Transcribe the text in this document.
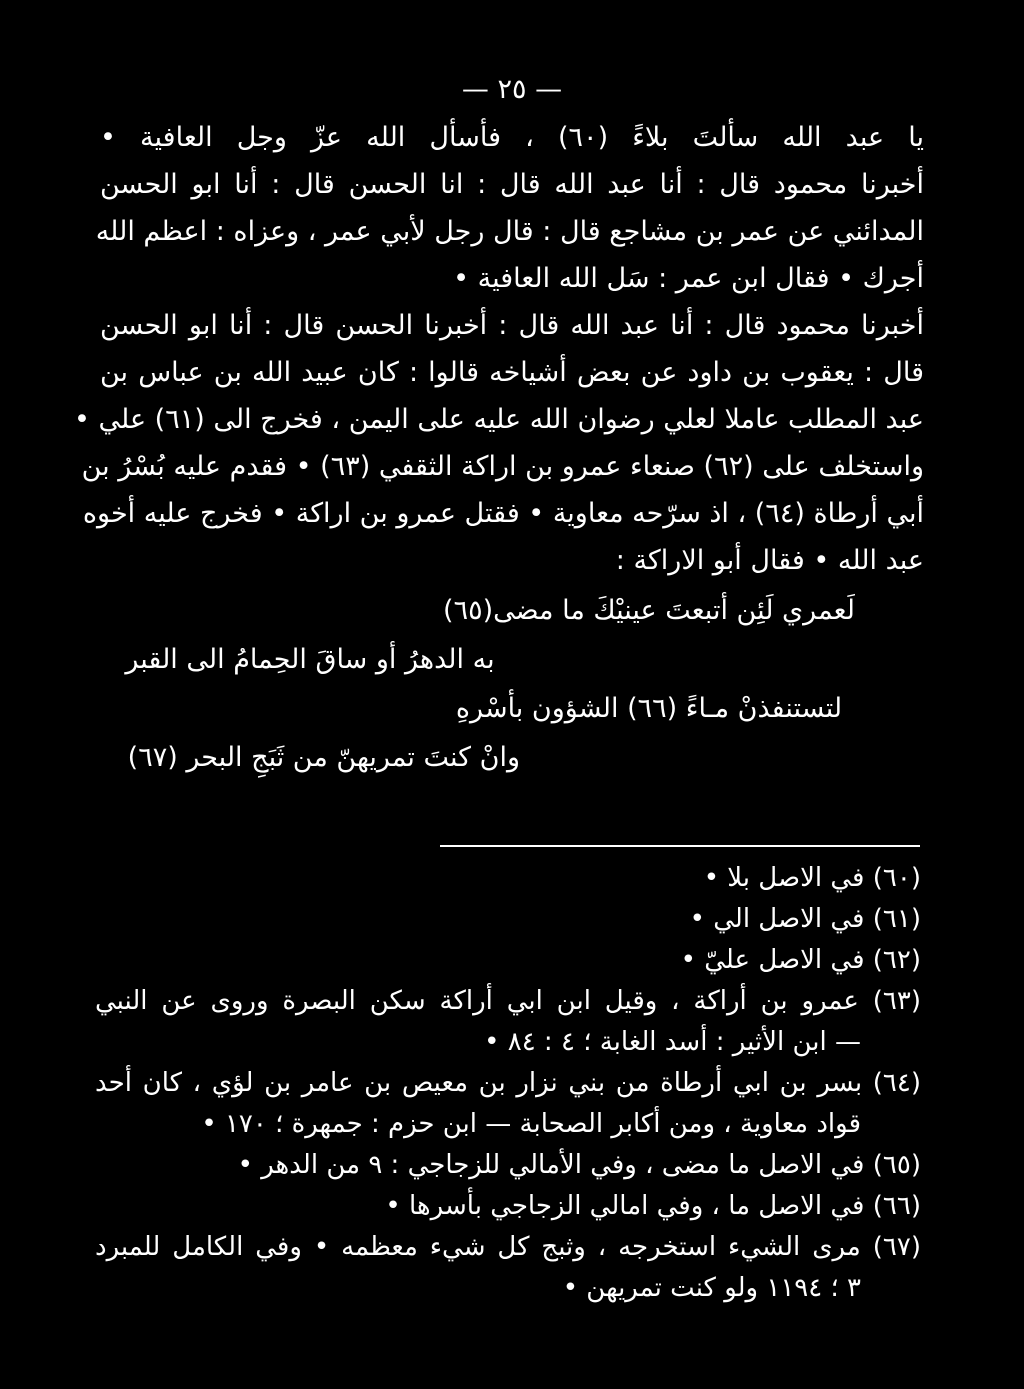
— ٢٥ —
يا عبد الله سألتَ بلاءً (٦٠) ، فأسأل الله عزّ وجل العافية •
أخبرنا محمود قال : أنا عبد الله قال : انا الحسن قال : أنا ابو الحسن
المدائني عن عمر بن مشاجع قال : قال رجل لأبي عمر ، وعزاه : اعظم الله
أجرك • فقال ابن عمر : سَل الله العافية •
أخبرنا محمود قال : أنا عبد الله قال : أخبرنا الحسن قال : أنا ابو الحسن
قال : يعقوب بن داود عن بعض أشياخه قالوا : كان عبيد الله بن عباس بن
عبد المطلب عاملا لعلي رضوان الله عليه على اليمن ، فخرج الى (٦١) علي •
واستخلف على (٦٢) صنعاء عمرو بن اراكة الثقفي (٦٣) • فقدم عليه بُسْرُ بن
أبي أرطاة (٦٤) ، اذ سرّحه معاوية • فقتل عمرو بن اراكة • فخرج عليه أخوه
عبد الله • فقال أبو الاراكة :
لَعمري لَئِن أتبعتَ عينيْكَ ما مضى(٦٥)
به الدهرُ أو ساقَ الحِمامُ الى القبر
لتستنفذنْ مـاءً (٦٦) الشؤون بأسْرهِ
وانْ كنتَ تمريهنّ من ثَبَجِ البحر (٦٧)
(٦٠) في الاصل بلا •
(٦١) في الاصل الي •
(٦٢) في الاصل عليّ •
(٦٣) عمرو بن أراكة ، وقيل ابن ابي أراكة سكن البصرة وروى عن النبي
— ابن الأثير : أسد الغابة ؛ ٤ : ٨٤ •
(٦٤) بسر بن ابي أرطاة من بني نزار بن معيص بن عامر بن لؤي ، كان أحد
قواد معاوية ، ومن أكابر الصحابة — ابن حزم : جمهرة ؛ ١٧٠ •
(٦٥) في الاصل ما مضى ، وفي الأمالي للزجاجي : ٩ من الدهر •
(٦٦) في الاصل ما ، وفي امالي الزجاجي بأسرها •
(٦٧) مرى الشيء استخرجه ، وثبج كل شيء معظمه • وفي الكامل للمبرد
٣ ؛ ١١٩٤ ولو كنت تمريهن •
